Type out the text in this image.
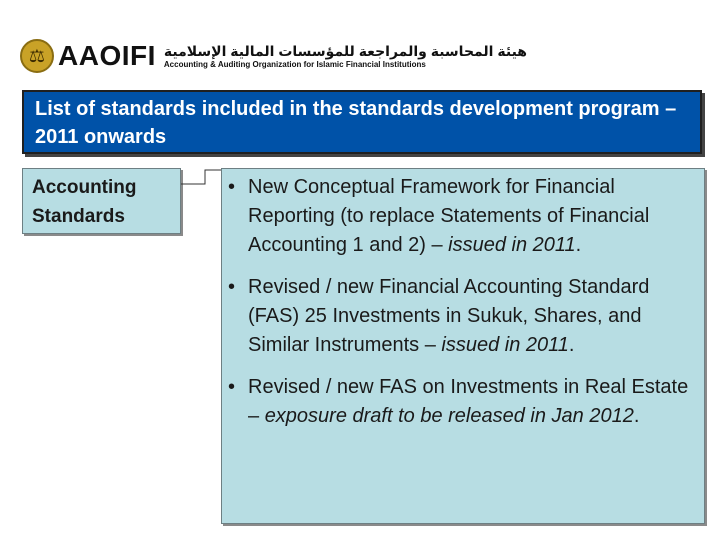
⚖ AAOIFI هيئة المحاسبة والمراجعة للمؤسسات المالية الإسلامية
Accounting & Auditing Organization for Islamic Financial Institutions
List of standards included in the standards development program – 2011 onwards
Accounting Standards
• New Conceptual Framework for Financial Reporting (to replace Statements of Financial Accounting 1 and 2) – issued in 2011.
• Revised / new Financial Accounting Standard (FAS) 25 Investments in Sukuk, Shares, and Similar Instruments – issued in 2011.
• Revised / new FAS on Investments in Real Estate – exposure draft to be released in Jan 2012.
